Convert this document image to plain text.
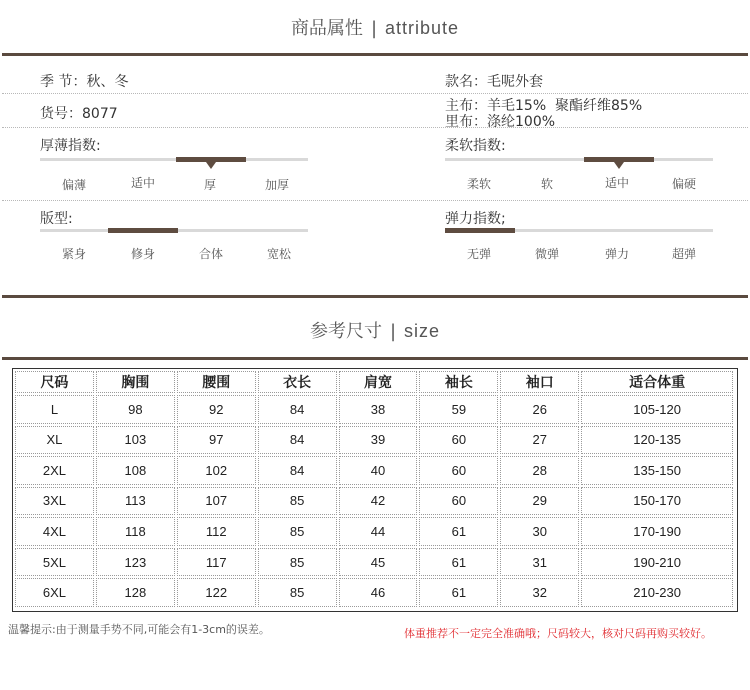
商品属性 | attribute
季 节：秋、冬	款名：毛呢外套
货号：8077	主布：羊毛15%  聚酯纤维85%
里布：涤纶100%
厚薄指数:
偏薄	适中	厚	加厚
柔软指数:
柔软	软	适中	偏硬
版型:
紧身	修身	合体	宽松
弹力指数;
无弹	微弹	弹力	超弹
参考尺寸 | size
尺码	胸围	腰围	衣长	肩宽	袖长	袖口	适合体重
L	98	92	84	38	59	26	105-120
XL	103	97	84	39	60	27	120-135
2XL	108	102	84	40	60	28	135-150
3XL	113	107	85	42	60	29	150-170
4XL	118	112	85	44	61	30	170-190
5XL	123	117	85	45	61	31	190-210
6XL	128	122	85	46	61	32	210-230
温馨提示:由于测量手势不同,可能会有1-3cm的误差。	体重推荐不一定完全准确哦；尺码较大，核对尺码再购买较好。
